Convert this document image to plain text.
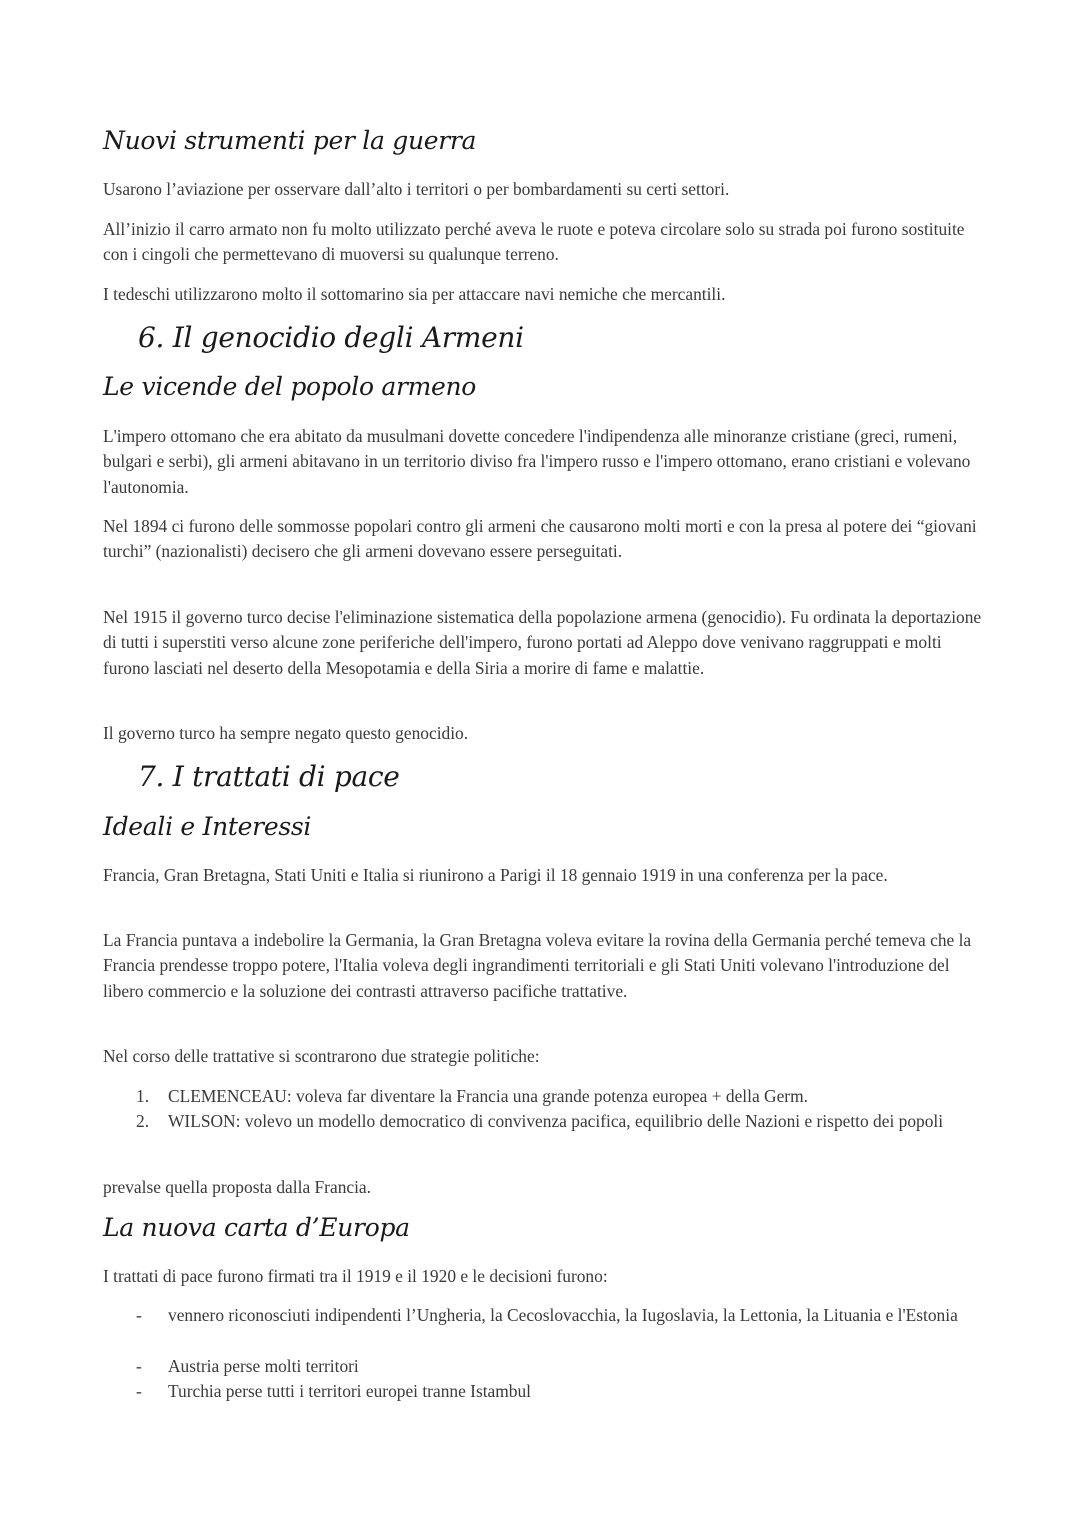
Nuovi strumenti per la guerra

Usarono l’aviazione per osservare dall’alto i territori o per bombardamenti su certi settori.

All’inizio il carro armato non fu molto utilizzato perché aveva le ruote e poteva circolare solo su strada poi furono sostituite con i cingoli che permettevano di muoversi su qualunque terreno.

I tedeschi utilizzarono molto il sottomarino sia per attaccare navi nemiche che mercantili.

6. Il genocidio degli Armeni
Le vicende del popolo armeno

L'impero ottomano che era abitato da musulmani dovette concedere l'indipendenza alle minoranze cristiane (greci, rumeni, bulgari e serbi), gli armeni abitavano in un territorio diviso fra l'impero russo e l'impero ottomano, erano cristiani e volevano l'autonomia.

Nel 1894 ci furono delle sommosse popolari contro gli armeni che causarono molti morti e con la presa al potere dei “giovani turchi” (nazionalisti) decisero che gli armeni dovevano essere perseguitati.

Nel 1915 il governo turco decise l'eliminazione sistematica della popolazione armena (genocidio). Fu ordinata la deportazione di tutti i superstiti verso alcune zone periferiche dell'impero, furono portati ad Aleppo dove venivano raggruppati e molti furono lasciati nel deserto della Mesopotamia e della Siria a morire di fame e malattie.

Il governo turco ha sempre negato questo genocidio.

7. I trattati di pace
Ideali e Interessi

Francia, Gran Bretagna, Stati Uniti e Italia si riunirono a Parigi il 18 gennaio 1919 in una conferenza per la pace.

La Francia puntava a indebolire la Germania, la Gran Bretagna voleva evitare la rovina della Germania perché temeva che la Francia prendesse troppo potere, l'Italia voleva degli ingrandimenti territoriali e gli Stati Uniti volevano l'introduzione del libero commercio e la soluzione dei contrasti attraverso pacifiche trattative.

Nel corso delle trattative si scontrarono due strategie politiche:

1.	CLEMENCEAU: voleva far diventare la Francia una grande potenza europea + della Germ.
2.	WILSON: volevo un modello democratico di convivenza pacifica, equilibrio delle Nazioni e rispetto dei popoli

prevalse quella proposta dalla Francia.

La nuova carta d’Europa

I trattati di pace furono firmati tra il 1919 e il 1920 e le decisioni furono:

-	vennero riconosciuti indipendenti l’Ungheria, la Cecoslovacchia, la Iugoslavia, la Lettonia, la Lituania e l'Estonia
-	Austria perse molti territori
-	Turchia perse tutti i territori europei tranne Istambul
